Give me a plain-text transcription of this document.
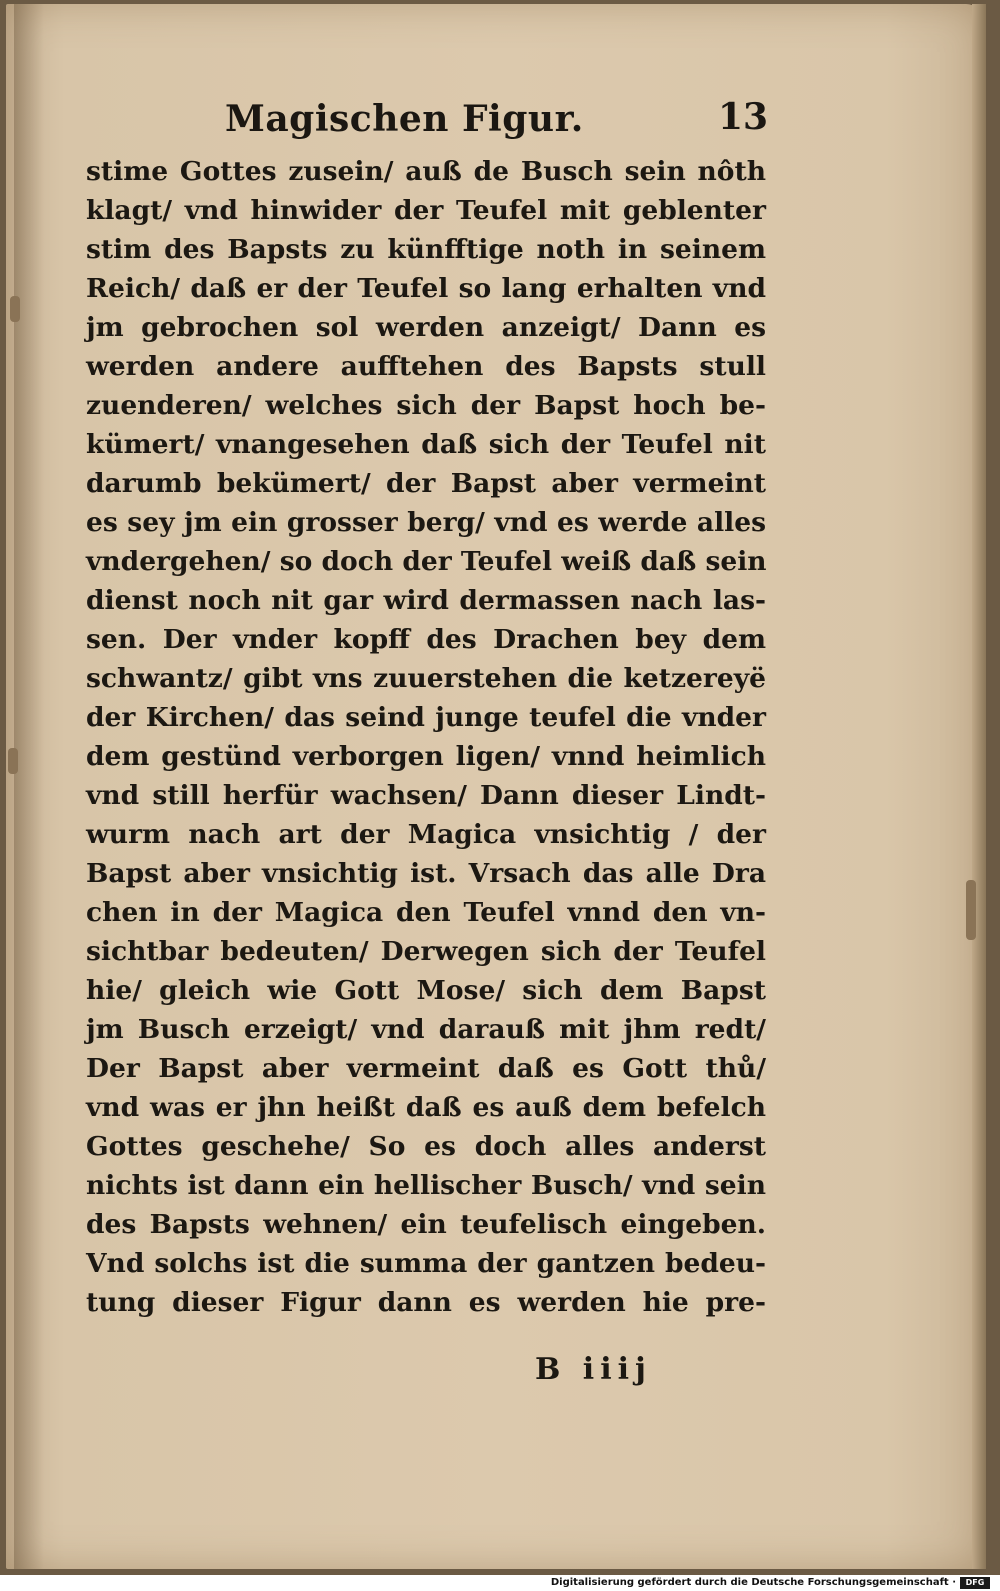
Magischen Figur.	13
stime Gottes zusein/ auß de Busch sein nôth
klagt/ vnd hinwider der Teufel mit geblenter
stim des Bapsts zu künfftige noth in seinem
Reich/ daß er der Teufel so lang erhalten vnd
jm gebrochen sol werden anzeigt/ Dann es
werden andere aufftehen des Bapsts stull
zuenderen/ welches sich der Bapst hoch be-
kümert/ vnangesehen daß sich der Teufel nit
darumb bekümert/ der Bapst aber vermeint
es sey jm ein grosser berg/ vnd es werde alles
vndergehen/ so doch der Teufel weiß daß sein
dienst noch nit gar wird dermassen nach las-
sen. Der vnder kopff des Drachen bey dem
schwantz/ gibt vns zuuerstehen die ketzereyë
der Kirchen/ das seind junge teufel die vnder
dem gestünd verborgen ligen/ vnnd heimlich
vnd still herfür wachsen/ Dann dieser Lindt-
wurm nach art der Magica vnsichtig / der
Bapst aber vnsichtig ist. Vrsach das alle Dra
chen in der Magica den Teufel vnnd den vn-
sichtbar bedeuten/ Derwegen sich der Teufel
hie/ gleich wie Gott Mose/ sich dem Bapst
jm Busch erzeigt/ vnd darauß mit jhm redt/
Der Bapst aber vermeint daß es Gott thů/
vnd was er jhn heißt daß es auß dem befelch
Gottes geschehe/ So es doch alles anderst
nichts ist dann ein hellischer Busch/ vnd sein
des Bapsts wehnen/ ein teufelisch eingeben.
Vnd solchs ist die summa der gantzen bedeu-
tung dieser Figur dann es werden hie pre-
B iiij
Digitalisierung gefördert durch die Deutsche Forschungsgemeinschaft ·	DFG
